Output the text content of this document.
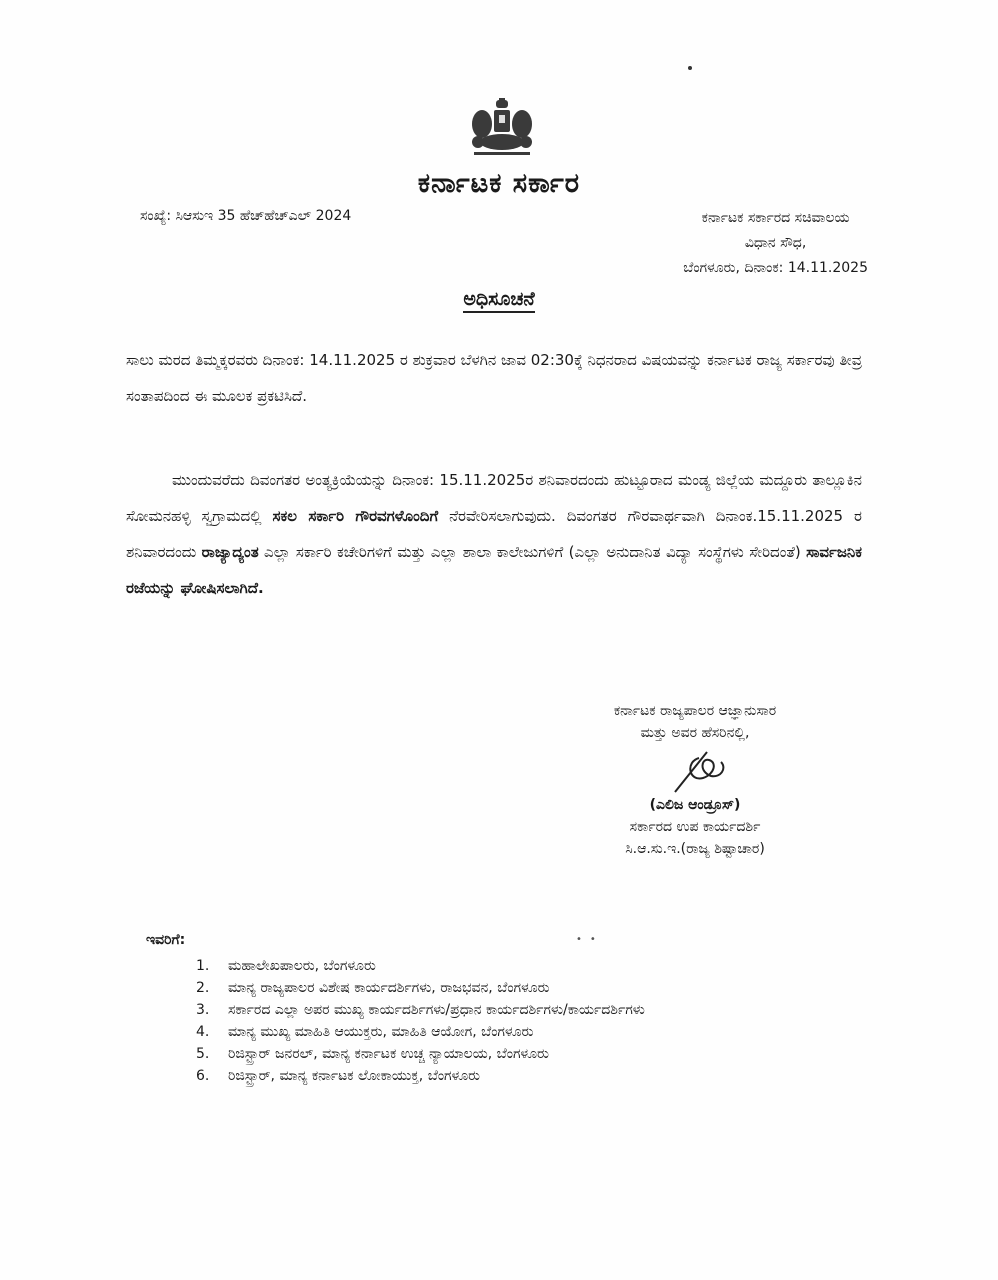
ಕರ್ನಾಟಕ ಸರ್ಕಾರ
ಸಂಖ್ಯೆ: ಸಿಆಸುಇ 35 ಹೆಚ್‌ಹೆಚ್‌ಎಲ್ 2024	ಕರ್ನಾಟಕ ಸರ್ಕಾರದ ಸಚಿವಾಲಯ
ವಿಧಾನ ಸೌಧ,
ಬೆಂಗಳೂರು, ದಿನಾಂಕ: 14.11.2025
ಅಧಿಸೂಚನೆ
ಸಾಲು ಮರದ ತಿಮ್ಮಕ್ಕರವರು ದಿನಾಂಕ: 14.11.2025 ರ ಶುಕ್ರವಾರ ಬೆಳಗಿನ ಜಾವ 02:30ಕ್ಕೆ ನಿಧನರಾದ ವಿಷಯವನ್ನು ಕರ್ನಾಟಕ ರಾಜ್ಯ ಸರ್ಕಾರವು ತೀವ್ರ ಸಂತಾಪದಿಂದ ಈ ಮೂಲಕ ಪ್ರಕಟಿಸಿದೆ.
ಮುಂದುವರೆದು ದಿವಂಗತರ ಅಂತ್ಯಕ್ರಿಯೆಯನ್ನು ದಿನಾಂಕ: 15.11.2025ರ ಶನಿವಾರದಂದು ಹುಟ್ಟೂರಾದ ಮಂಡ್ಯ ಜಿಲ್ಲೆಯ ಮದ್ದೂರು ತಾಲ್ಲೂಕಿನ ಸೋಮನಹಳ್ಳಿ ಸ್ವಗ್ರಾಮದಲ್ಲಿ ಸಕಲ ಸರ್ಕಾರಿ ಗೌರವಗಳೊಂದಿಗೆ ನೆರವೇರಿಸಲಾಗುವುದು. ದಿವಂಗತರ ಗೌರವಾರ್ಥವಾಗಿ ದಿನಾಂಕ.15.11.2025 ರ ಶನಿವಾರದಂದು ರಾಜ್ಯಾದ್ಯಂತ ಎಲ್ಲಾ ಸರ್ಕಾರಿ ಕಚೇರಿಗಳಿಗೆ ಮತ್ತು ಎಲ್ಲಾ ಶಾಲಾ ಕಾಲೇಜುಗಳಿಗೆ (ಎಲ್ಲಾ ಅನುದಾನಿತ ವಿದ್ಯಾ ಸಂಸ್ಥೆಗಳು ಸೇರಿದಂತೆ) ಸಾರ್ವಜನಿಕ ರಜೆಯನ್ನು ಘೋಷಿಸಲಾಗಿದೆ.
ಕರ್ನಾಟಕ ರಾಜ್ಯಪಾಲರ ಆಜ್ಞಾನುಸಾರ
ಮತ್ತು ಅವರ ಹೆಸರಿನಲ್ಲಿ,
(ಎಲಿಜ ಆಂಡ್ರೂಸ್)
ಸರ್ಕಾರದ ಉಪ ಕಾರ್ಯದರ್ಶಿ
ಸಿ.ಆ.ಸು.ಇ.(ರಾಜ್ಯ ಶಿಷ್ಟಾಚಾರ)
••
ಇವರಿಗೆ:
1.	ಮಹಾಲೇಖಪಾಲರು, ಬೆಂಗಳೂರು
2.	ಮಾನ್ಯ ರಾಜ್ಯಪಾಲರ ವಿಶೇಷ ಕಾರ್ಯದರ್ಶಿಗಳು, ರಾಜಭವನ, ಬೆಂಗಳೂರು
3.	ಸರ್ಕಾರದ ಎಲ್ಲಾ ಅಪರ ಮುಖ್ಯ ಕಾರ್ಯದರ್ಶಿಗಳು/ಪ್ರಧಾನ ಕಾರ್ಯದರ್ಶಿಗಳು/ಕಾರ್ಯದರ್ಶಿಗಳು
4.	ಮಾನ್ಯ ಮುಖ್ಯ ಮಾಹಿತಿ ಆಯುಕ್ತರು, ಮಾಹಿತಿ ಆಯೋಗ, ಬೆಂಗಳೂರು
5.	ರಿಜಿಸ್ಟ್ರಾರ್ ಜನರಲ್, ಮಾನ್ಯ ಕರ್ನಾಟಕ ಉಚ್ಚ ನ್ಯಾಯಾಲಯ, ಬೆಂಗಳೂರು
6.	ರಿಜಿಸ್ಟ್ರಾರ್, ಮಾನ್ಯ ಕರ್ನಾಟಕ ಲೋಕಾಯುಕ್ತ, ಬೆಂಗಳೂರು
